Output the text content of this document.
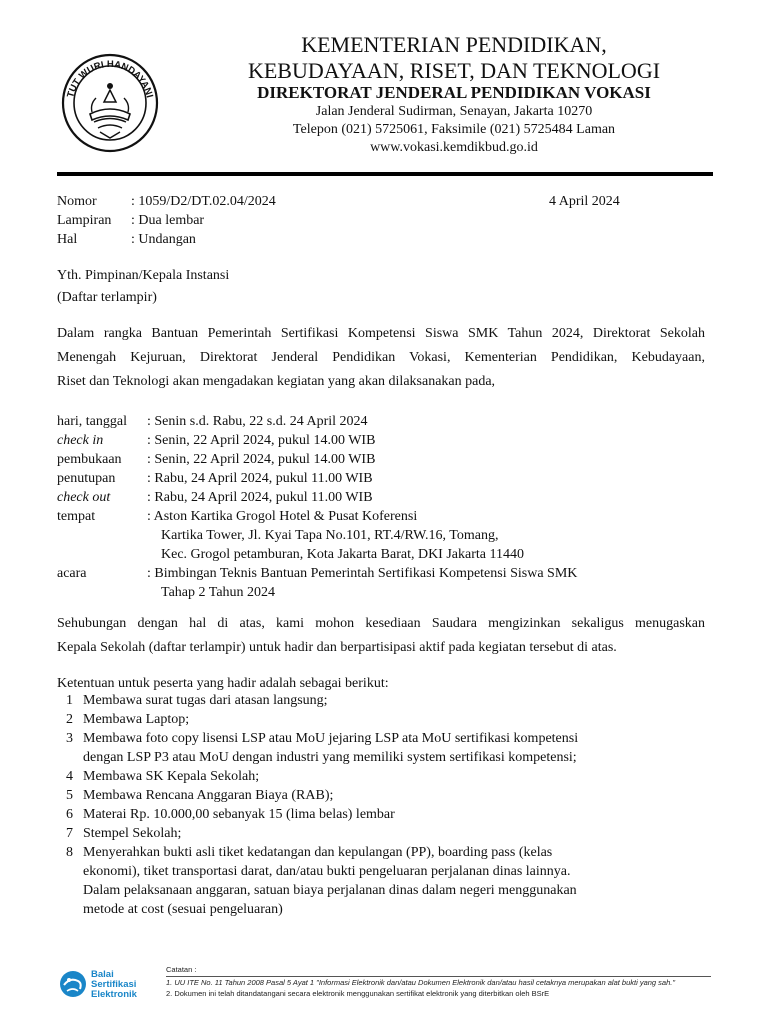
TUT WURI HANDAYANI
KEMENTERIAN PENDIDIKAN,
KEBUDAYAAN, RISET, DAN TEKNOLOGI
DIREKTORAT JENDERAL PENDIDIKAN VOKASI
Jalan Jenderal Sudirman, Senayan, Jakarta 10270
Telepon (021) 5725061, Faksimile (021) 5725484 Laman
www.vokasi.kemdikbud.go.id
Nomor : 1059/D2/DT.02.04/2024	4 April 2024
Lampiran : Dua lembar
Hal	: Undangan
Yth. Pimpinan/Kepala Instansi
(Daftar terlampir)
Dalam rangka Bantuan Pemerintah Sertifikasi Kompetensi Siswa SMK Tahun 2024, Direktorat Sekolah
Menengah Kejuruan, Direktorat Jenderal Pendidikan Vokasi, Kementerian Pendidikan, Kebudayaan,
Riset dan Teknologi akan mengadakan kegiatan yang akan dilaksanakan pada,
hari, tanggal : Senin s.d. Rabu, 22 s.d. 24 April 2024
check in	: Senin, 22 April 2024, pukul 14.00 WIB
pembukaan : Senin, 22 April 2024, pukul 14.00 WIB
penutupan : Rabu, 24 April 2024, pukul 11.00 WIB
check out	: Rabu, 24 April 2024, pukul 11.00 WIB
tempat	: Aston Kartika Grogol Hotel & Pusat Koferensi
Kartika Tower, Jl. Kyai Tapa No.101, RT.4/RW.16, Tomang,
Kec. Grogol petamburan, Kota Jakarta Barat, DKI Jakarta 11440
acara	: Bimbingan Teknis Bantuan Pemerintah Sertifikasi Kompetensi Siswa SMK
Tahap 2 Tahun 2024
Sehubungan dengan hal di atas, kami mohon kesediaan Saudara mengizinkan sekaligus menugaskan
Kepala Sekolah (daftar terlampir) untuk hadir dan berpartisipasi aktif pada kegiatan tersebut di atas.
Ketentuan untuk peserta yang hadir adalah sebagai berikut:
1 Membawa surat tugas dari atasan langsung;
2 Membawa Laptop;
3 Membawa foto copy lisensi LSP atau MoU jejaring LSP ata MoU sertifikasi kompetensi
dengan LSP P3 atau MoU dengan industri yang memiliki system sertifikasi kompetensi;
4 Membawa SK Kepala Sekolah;
5 Membawa Rencana Anggaran Biaya (RAB);
6 Materai Rp. 10.000,00 sebanyak 15 (lima belas) lembar
7 Stempel Sekolah;
8 Menyerahkan bukti asli tiket kedatangan dan kepulangan (PP), boarding pass (kelas
ekonomi), tiket transportasi darat, dan/atau bukti pengeluaran perjalanan dinas lainnya.
Dalam pelaksanaan anggaran, satuan biaya perjalanan dinas dalam negeri menggunakan
metode at cost (sesuai pengeluaran)
Balai
Sertifikasi
Elektronik
Catatan :
1. UU ITE No. 11 Tahun 2008 Pasal 5 Ayat 1 "Informasi Elektronik dan/atau Dokumen Elektronik dan/atau hasil cetaknya merupakan alat bukti yang sah."
2. Dokumen ini telah ditandatangani secara elektronik menggunakan sertifikat elektronik yang diterbitkan oleh BSrE
